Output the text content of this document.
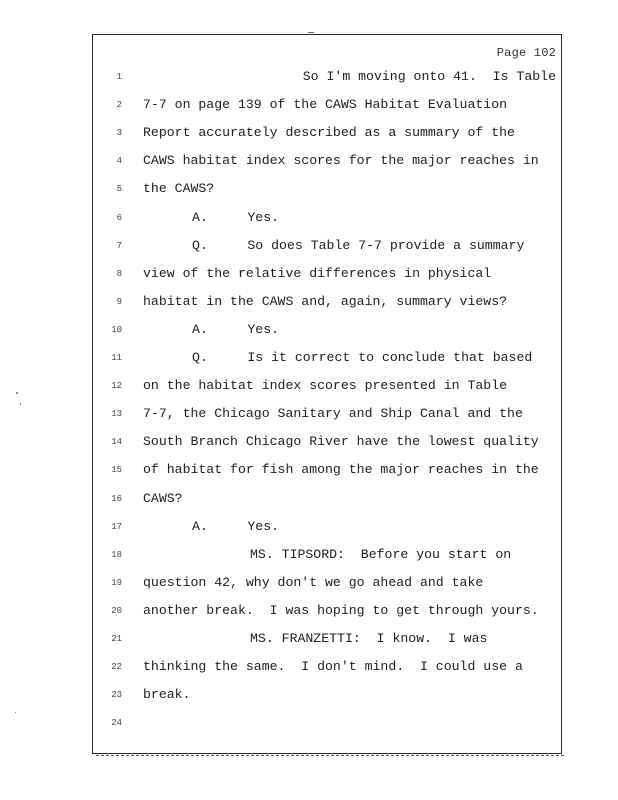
Page 102
1	So I'm moving onto 41.  Is Table
2 7-7 on page 139 of the CAWS Habitat Evaluation
3 Report accurately described as a summary of the
4 CAWS habitat index scores for the major reaches in
5 the CAWS?
6	A.     Yes.
7	Q.     So does Table 7-7 provide a summary
8 view of the relative differences in physical
9 habitat in the CAWS and, again, summary views?
10	A.     Yes.
11	Q.     Is it correct to conclude that based
12 on the habitat index scores presented in Table
13 7-7, the Chicago Sanitary and Ship Canal and the
14 South Branch Chicago River have the lowest quality
15 of habitat for fish among the major reaches in the
16 CAWS?
17	A.     Yes.
18	MS. TIPSORD:  Before you start on
19 question 42, why don't we go ahead and take
20 another break.  I was hoping to get through yours.
21	MS. FRANZETTI:  I know.  I was
22 thinking the same.  I don't mind.  I could use a
23 break.
24
